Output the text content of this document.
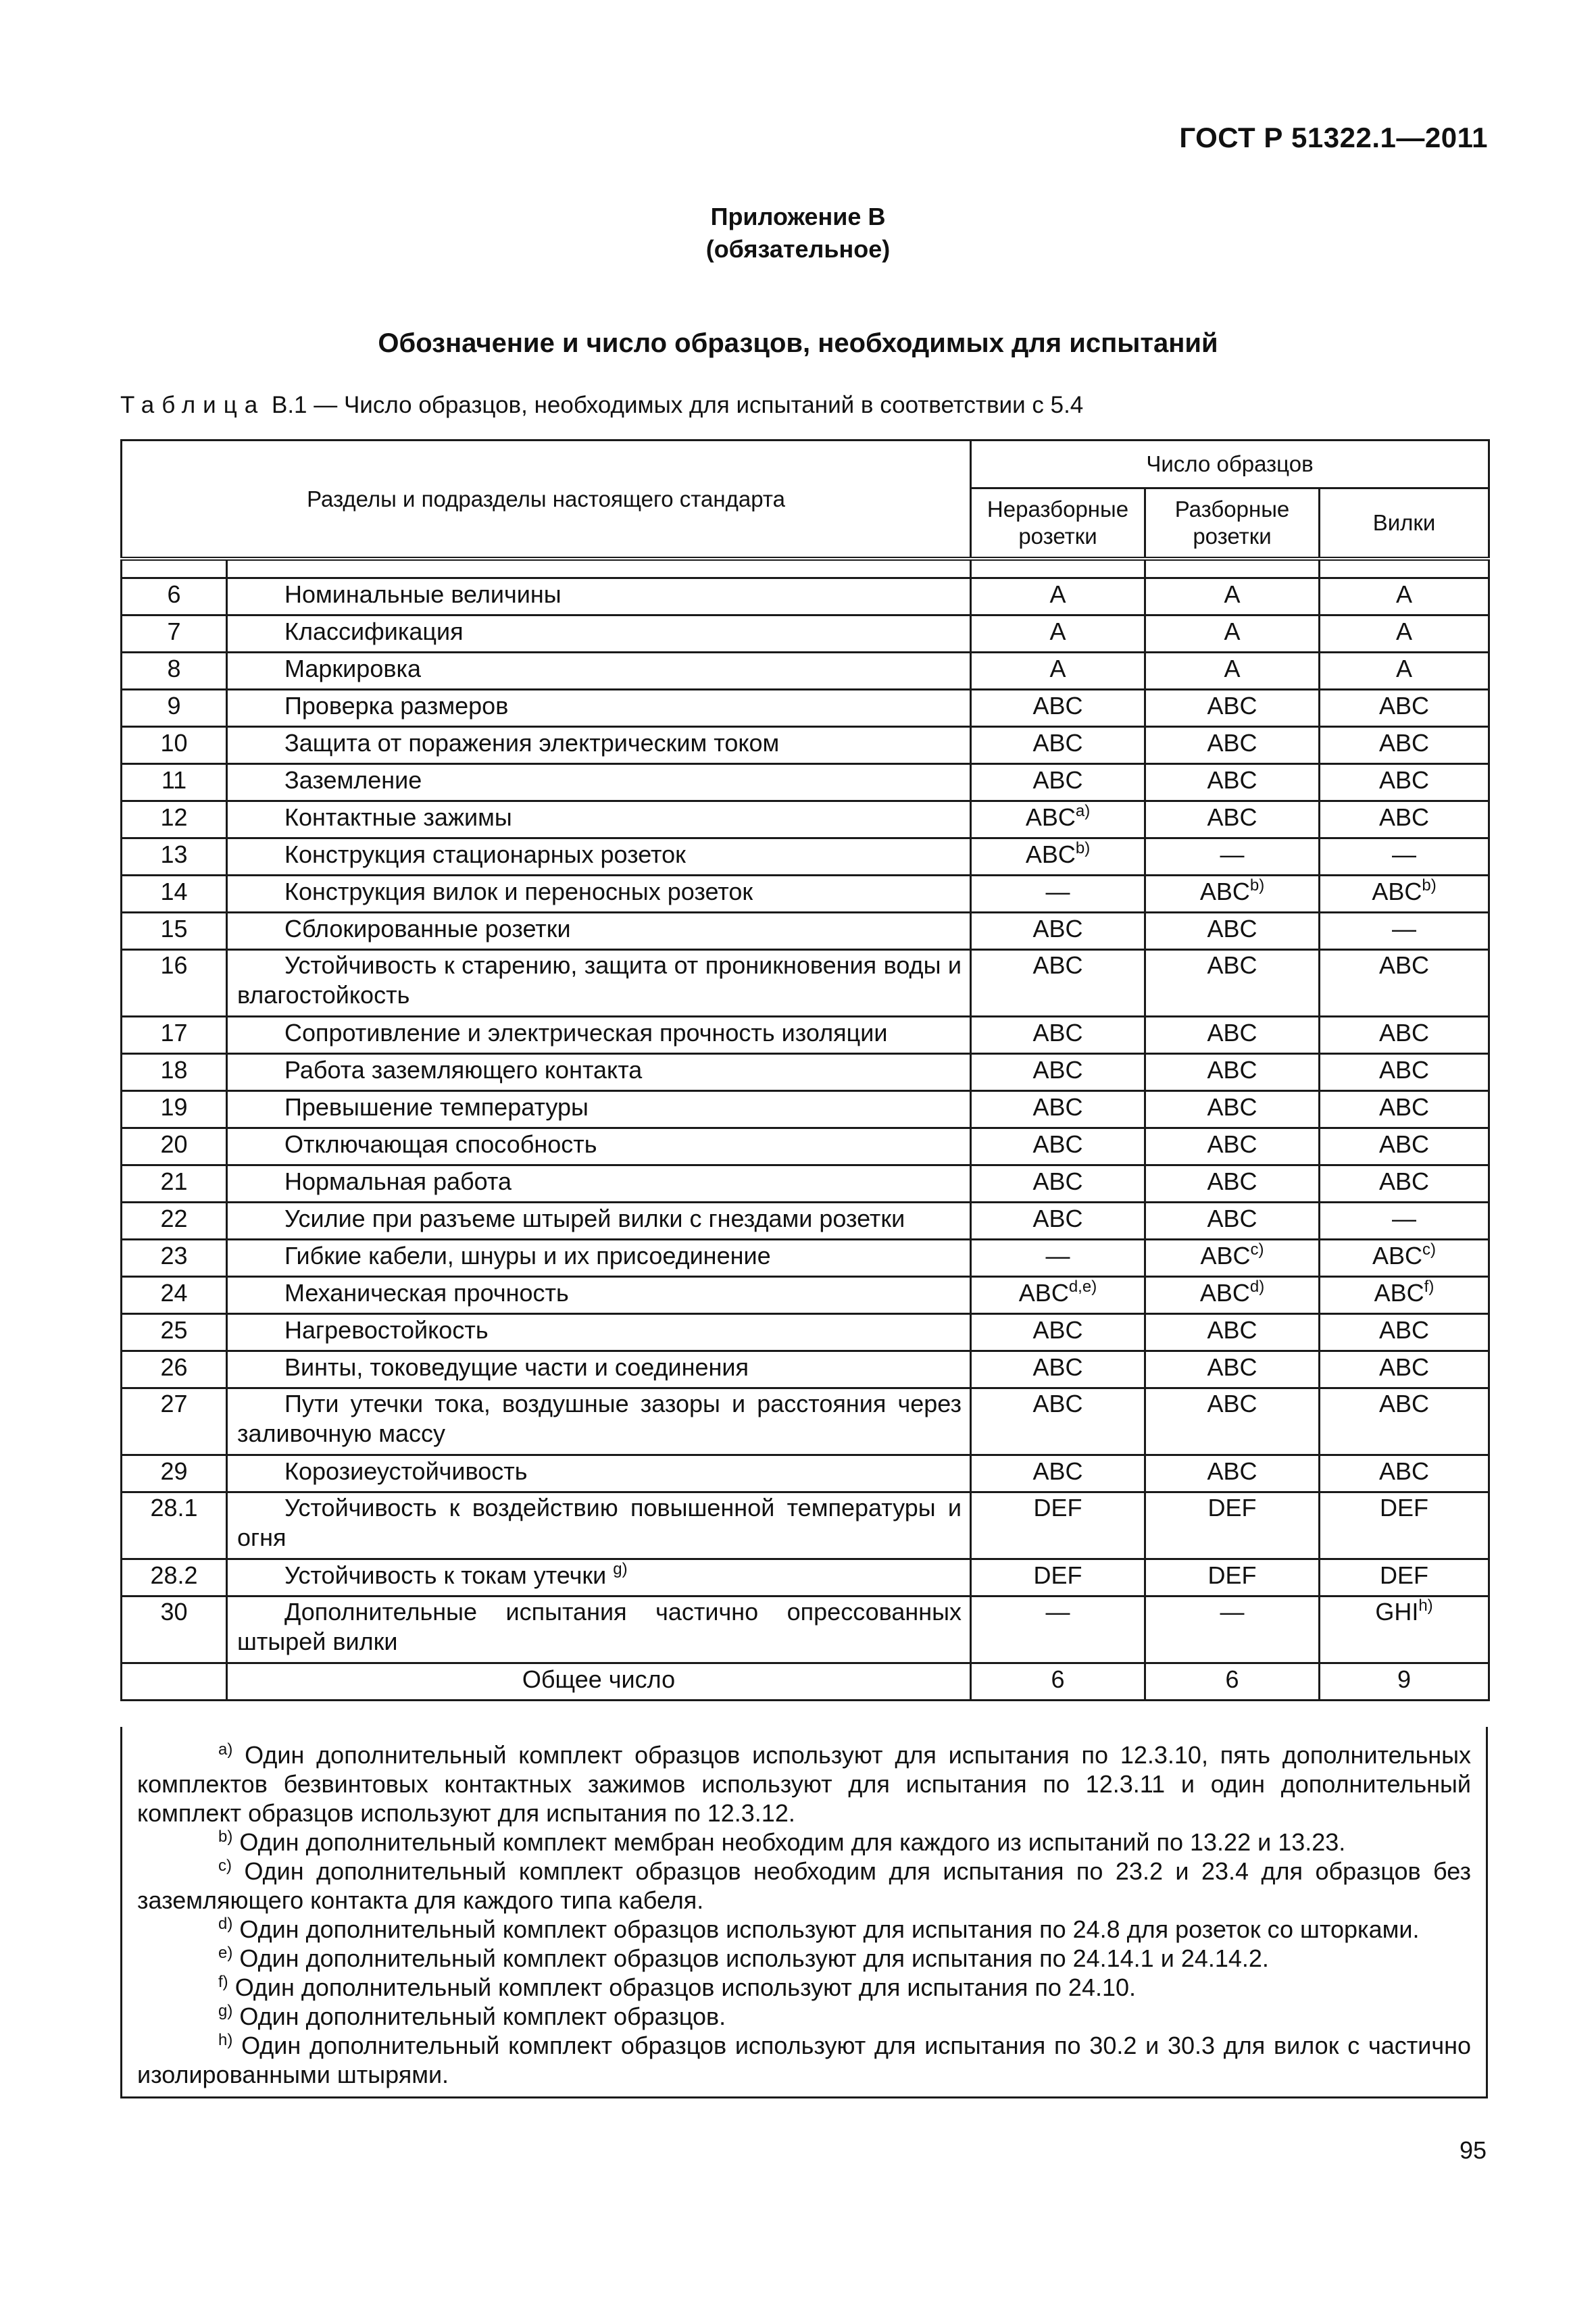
ГОСТ Р 51322.1—2011
Приложение В
(обязательное)
Обозначение и число образцов, необходимых для испытаний
Таблица В.1 — Число образцов, необходимых для испытаний в соответствии с 5.4
Разделы и подразделы настоящего стандарта		Число образцов		
		Неразборные розетки	Разборные розетки	Вилки

6	Номинальные величины	А	А	А
7	Классификация	А	А	А
8	Маркировка	А	А	А
9	Проверка размеров	ABC	ABC	ABC
10	Защита от поражения электрическим током	ABC	ABC	ABC
11	Заземление	ABC	ABC	ABC
12	Контактные зажимы	ABC$^{a)}$	ABC	ABC
13	Конструкция стационарных розеток	ABC$^{b)}$	—	—
14	Конструкция вилок и переносных розеток	—	ABC$^{b)}$	ABC$^{b)}$
15	Сблокированные розетки	ABC	ABC	—
16	Устойчивость к старению, защита от проникновения воды и влагостойкость	ABC	ABC	ABC
17	Сопротивление и электрическая прочность изоляции	ABC	ABC	ABC
18	Работа заземляющего контакта	ABC	ABC	ABC
19	Превышение температуры	ABC	ABC	ABC
20	Отключающая способность	ABC	ABC	ABC
21	Нормальная работа	ABC	ABC	ABC
22	Усилие при разъеме штырей вилки с гнездами розетки	ABC	ABC	—
23	Гибкие кабели, шнуры и их присоединение	—	ABC$^{c)}$	ABC$^{c)}$
24	Механическая прочность	ABC$^{d,e)}$	ABC$^{d)}$	ABC$^{f)}$
25	Нагревостойкость	ABC	ABC	ABC
26	Винты, токоведущие части и соединения	ABC	ABC	ABC
27	Пути утечки тока, воздушные зазоры и расстояния через заливочную массу	ABC	ABC	ABC
29	Корозиеустойчивость	ABC	ABC	ABC
28.1	Устойчивость к воздействию повышенной температуры и огня	DEF	DEF	DEF
28.2	Устойчивость к токам утечки $^{g)}$	DEF	DEF	DEF
30	Дополнительные испытания частично опрессованных штырей вилки	—	—	GHI$^{h)}$
	Общее число	6	6	9

$^{a)}$ Один дополнительный комплект образцов используют для испытания по 12.3.10, пять дополнительных комплектов безвинтовых контактных зажимов используют для испытания по 12.3.11 и один дополнительный комплект образцов используют для испытания по 12.3.12.

$^{b)}$ Один дополнительный комплект мембран необходим для каждого из испытаний по 13.22 и 13.23.

$^{c)}$ Один дополнительный комплект образцов необходим для испытания по 23.2 и 23.4 для образцов без заземляющего контакта для каждого типа кабеля.

$^{d)}$ Один дополнительный комплект образцов используют для испытания по 24.8 для розеток со шторками.

$^{e)}$ Один дополнительный комплект образцов используют для испытания по 24.14.1 и 24.14.2.

$^{f)}$ Один дополнительный комплект образцов используют для испытания по 24.10.

$^{g)}$ Один дополнительный комплект образцов.

$^{h)}$ Один дополнительный комплект образцов используют для испытания по 30.2 и 30.3 для вилок с частично изолированными штырями.

95
